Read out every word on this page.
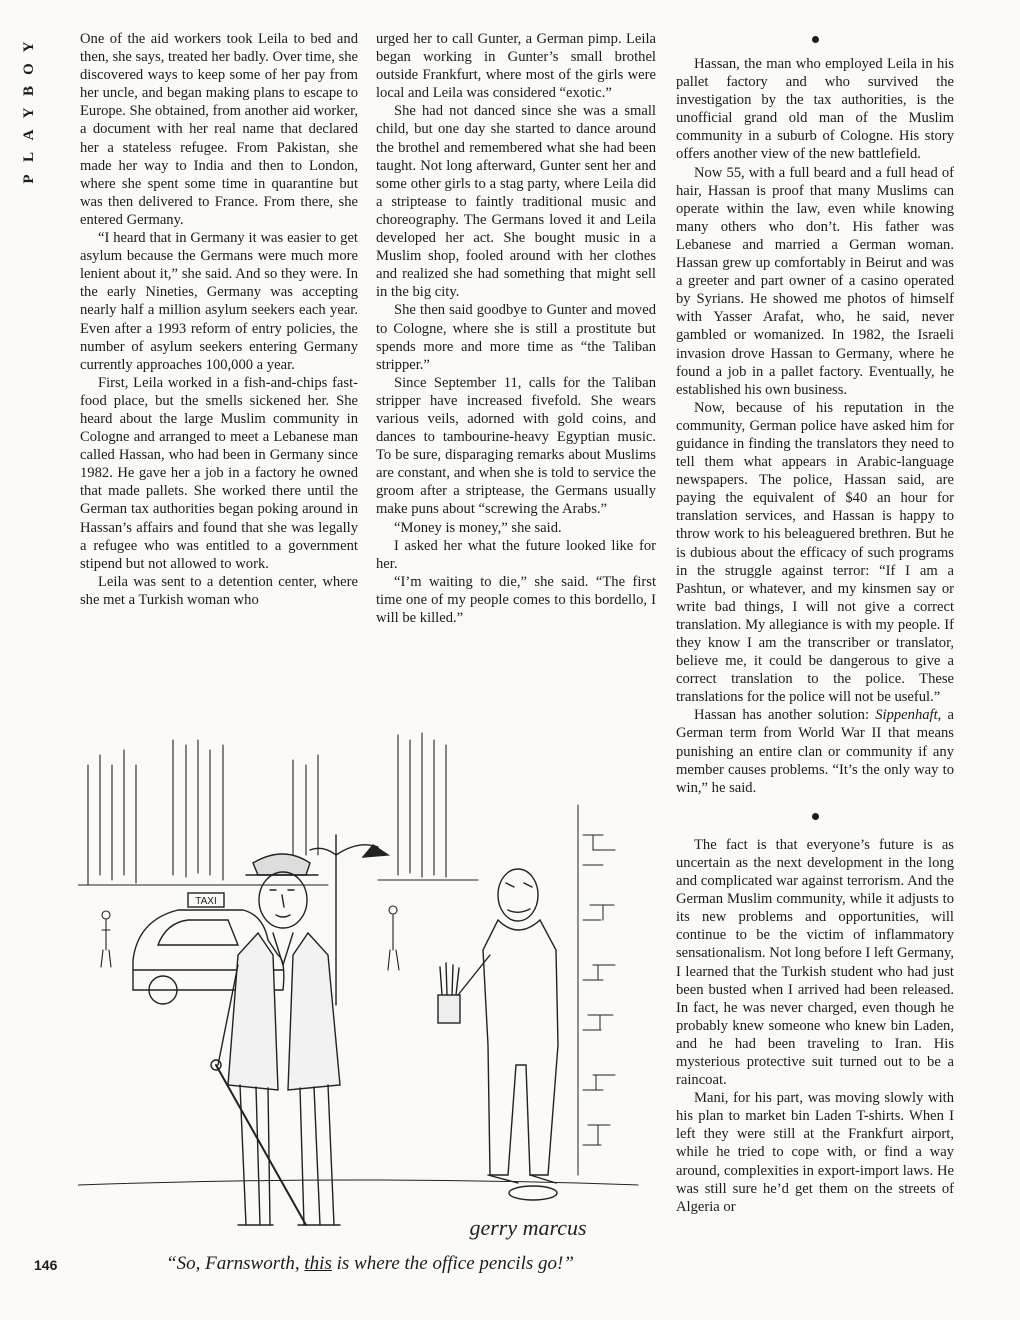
Y
O
B
Y
A
L
P

One of the aid workers took Leila to bed and then, she says, treated her badly. Over time, she discovered ways to keep some of her pay from her uncle, and began making plans to escape to Europe. She obtained, from another aid worker, a document with her real name that declared her a stateless refugee. From Pakistan, she made her way to India and then to London, where she spent some time in quarantine but was then delivered to France. From there, she entered Germany.

“I heard that in Germany it was easier to get asylum because the Germans were much more lenient about it,” she said. And so they were. In the early Nineties, Germany was accepting nearly half a million asylum seekers each year. Even after a 1993 reform of entry policies, the number of asylum seekers entering Germany currently approaches 100,000 a year.

First, Leila worked in a fish-and-chips fast-food place, but the smells sickened her. She heard about the large Muslim community in Cologne and arranged to meet a Lebanese man called Hassan, who had been in Germany since 1982. He gave her a job in a factory he owned that made pallets. She worked there until the German tax authorities began poking around in Hassan’s affairs and found that she was legally a refugee who was entitled to a government stipend but not allowed to work.

Leila was sent to a detention center, where she met a Turkish woman who

urged her to call Gunter, a German pimp. Leila began working in Gunter’s small brothel outside Frankfurt, where most of the girls were local and Leila was considered “exotic.”

She had not danced since she was a small child, but one day she started to dance around the brothel and remembered what she had been taught. Not long afterward, Gunter sent her and some other girls to a stag party, where Leila did a striptease to faintly traditional music and choreography. The Germans loved it and Leila developed her act. She bought music in a Muslim shop, fooled around with her clothes and realized she had something that might sell in the big city.

She then said goodbye to Gunter and moved to Cologne, where she is still a prostitute but spends more and more time as “the Taliban stripper.”

Since September 11, calls for the Taliban stripper have increased fivefold. She wears various veils, adorned with gold coins, and dances to tambourine-heavy Egyptian music. To be sure, disparaging remarks about Muslims are constant, and when she is told to service the groom after a striptease, the Germans usually make puns about “screwing the Arabs.”

“Money is money,” she said.

I asked her what the future looked like for her.

“I’m waiting to die,” she said. “The first time one of my people comes to this bordello, I will be killed.”

Hassan, the man who employed Leila in his pallet factory and who survived the investigation by the tax authorities, is the unofficial grand old man of the Muslim community in a suburb of Cologne. His story offers another view of the new battlefield.

Now 55, with a full beard and a full head of hair, Hassan is proof that many Muslims can operate within the law, even while knowing many others who don’t. His father was Lebanese and married a German woman. Hassan grew up comfortably in Beirut and was a greeter and part owner of a casino operated by Syrians. He showed me photos of himself with Yasser Arafat, who, he said, never gambled or womanized. In 1982, the Israeli invasion drove Hassan to Germany, where he found a job in a pallet factory. Eventually, he established his own business.

Now, because of his reputation in the community, German police have asked him for guidance in finding the translators they need to tell them what appears in Arabic-language newspapers. The police, Hassan said, are paying the equivalent of $40 an hour for translation services, and Hassan is happy to throw work to his beleaguered brethren. But he is dubious about the efficacy of such programs in the struggle against terror: “If I am a Pashtun, or whatever, and my kinsmen say or write bad things, I will not give a correct translation. My allegiance is with my people. If they know I am the transcriber or translator, believe me, it could be dangerous to give a correct translation to the police. These translations for the police will not be useful.”

Hassan has another solution: Sippenhaft, a German term from World War II that means punishing an entire clan or community if any member causes problems. “It’s the only way to win,” he said.

The fact is that everyone’s future is as uncertain as the next development in the long and complicated war against terrorism. And the German Muslim community, while it adjusts to its new problems and opportunities, will continue to be the victim of inflammatory sensationalism. Not long before I left Germany, I learned that the Turkish student who had just been busted when I arrived had been released. In fact, he was never charged, even though he probably knew someone who knew bin Laden, and he had been traveling to Iran. His mysterious protective suit turned out to be a raincoat.

Mani, for his part, was moving slowly with his plan to market bin Laden T-shirts. When I left they were still at the Frankfurt airport, while he tried to cope with, or find a way around, complexities in export-import laws. He was still sure he’d get them on the streets of Algeria or

TAXI
gerry marcus
“So, Farnsworth, this is where the office pencils go!”
146
